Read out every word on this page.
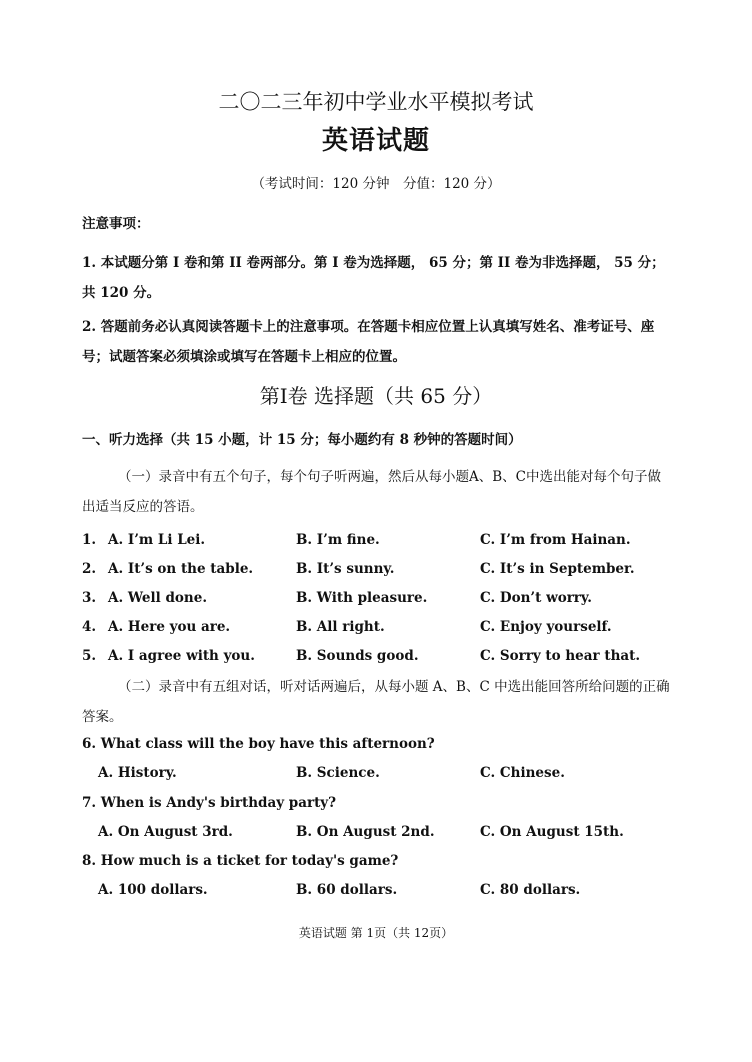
二〇二三年初中学业水平模拟考试
英语试题
（考试时间：120 分钟　分值：120 分）
注意事项：
1. 本试题分第 I 卷和第 II 卷两部分。第 I 卷为选择题， 65 分；第 II 卷为非选择题， 55 分；共 120 分。
2. 答题前务必认真阅读答题卡上的注意事项。在答题卡相应位置上认真填写姓名、准考证号、座号；试题答案必须填涂或填写在答题卡上相应的位置。
第Ⅰ卷 选择题（共 65 分）
一、听力选择（共 15 小题，计 15 分；每小题约有 8 秒钟的答题时间）
（一）录音中有五个句子，每个句子听两遍，然后从每小题A、B、C中选出能对每个句子做出适当反应的答语。
1. A. I’m Li Lei.	B. I’m fine.	C. I’m from Hainan.
2. A. It’s on the table.	B. It’s sunny.	C. It’s in September.
3. A. Well done.	B. With pleasure.	C. Don’t worry.
4. A. Here you are.	B. All right.	C. Enjoy yourself.
5. A. I agree with you.	B. Sounds good.	C. Sorry to hear that.
（二）录音中有五组对话，听对话两遍后，从每小题 A、B、C 中选出能回答所给问题的正确答案。
6. What class will the boy have this afternoon?
A. History.	B. Science.	C. Chinese.
7. When is Andy's birthday party?
A. On August 3rd.	B. On August 2nd.	C. On August 15th.
8. How much is a ticket for today's game?
A. 100 dollars.	B. 60 dollars.	C. 80 dollars.
英语试题 第 1页（共 12页）
